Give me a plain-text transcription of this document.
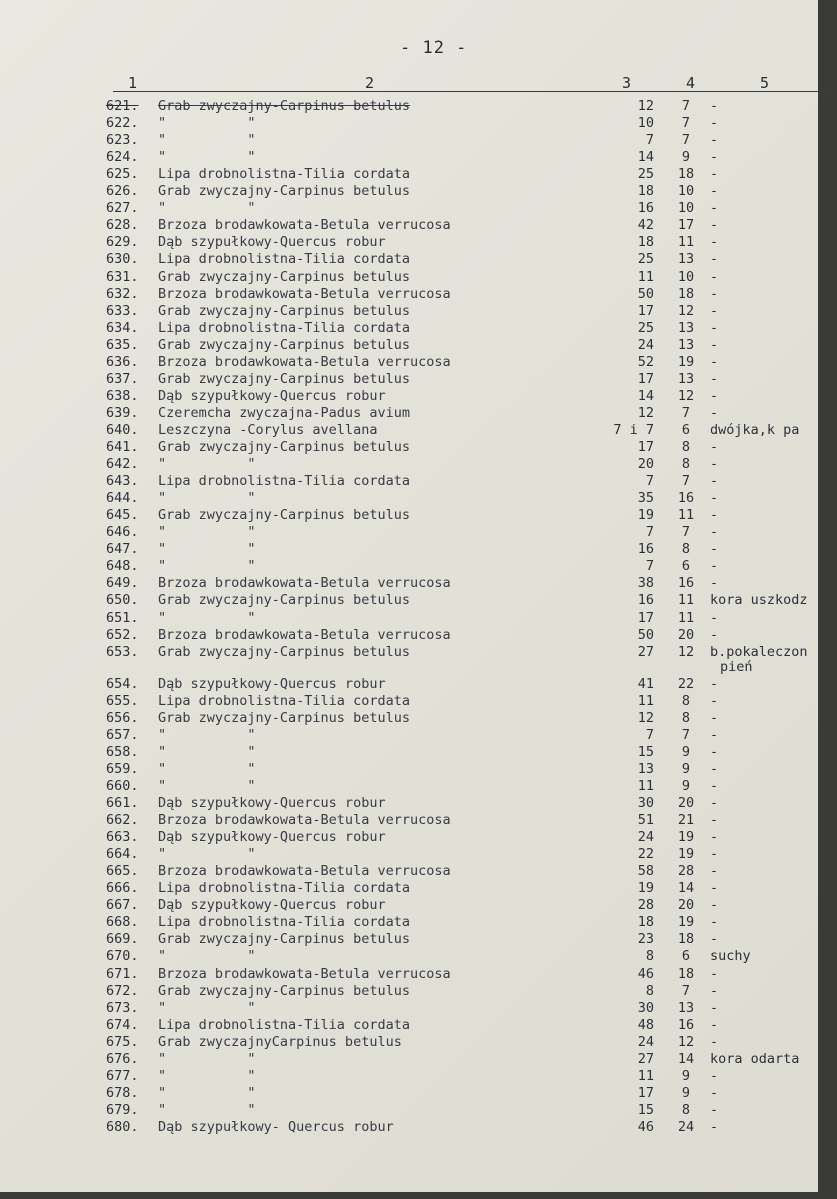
- 12 -
1	2	3	4	5
621.	Grab zwyczajny-Carpinus betulus	12	7	-
622.	"          "	10	7	-
623.	"          "	7	7	-
624.	"          "	14	9	-
625.	Lipa drobnolistna-Tilia cordata	25	18	-
626.	Grab zwyczajny-Carpinus betulus	18	10	-
627.	"          "	16	10	-
628.	Brzoza brodawkowata-Betula verrucosa	42	17	-
629.	Dąb szypułkowy-Quercus robur	18	11	-
630.	Lipa drobnolistna-Tilia cordata	25	13	-
631.	Grab zwyczajny-Carpinus betulus	11	10	-
632.	Brzoza brodawkowata-Betula verrucosa	50	18	-
633.	Grab zwyczajny-Carpinus betulus	17	12	-
634.	Lipa drobnolistna-Tilia cordata	25	13	-
635.	Grab zwyczajny-Carpinus betulus	24	13	-
636.	Brzoza brodawkowata-Betula verrucosa	52	19	-
637.	Grab zwyczajny-Carpinus betulus	17	13	-
638.	Dąb szypułkowy-Quercus robur	14	12	-
639.	Czeremcha zwyczajna-Padus avium	12	7	-
640.	Leszczyna -Corylus avellana	7 i 7	6	dwójka,k pa
641.	Grab zwyczajny-Carpinus betulus	17	8	-
642.	"          "	20	8	-
643.	Lipa drobnolistna-Tilia cordata	7	7	-
644.	"          "	35	16	-
645.	Grab zwyczajny-Carpinus betulus	19	11	-
646.	"          "	7	7	-
647.	"          "	16	8	-
648.	"          "	7	6	-
649.	Brzoza brodawkowata-Betula verrucosa	38	16	-
650.	Grab zwyczajny-Carpinus betulus	16	11	kora uszkodz
651.	"          "	17	11	-
652.	Brzoza brodawkowata-Betula verrucosa	50	20	-
653.	Grab zwyczajny-Carpinus betulus	27	12	b.pokaleczon
pień
654.	Dąb szypułkowy-Quercus robur	41	22	-
655.	Lipa drobnolistna-Tilia cordata	11	8	-
656.	Grab zwyczajny-Carpinus betulus	12	8	-
657.	"          "	7	7	-
658.	"          "	15	9	-
659.	"          "	13	9	-
660.	"          "	11	9	-
661.	Dąb szypułkowy-Quercus robur	30	20	-
662.	Brzoza brodawkowata-Betula verrucosa	51	21	-
663.	Dąb szypułkowy-Quercus robur	24	19	-
664.	"          "	22	19	-
665.	Brzoza brodawkowata-Betula verrucosa	58	28	-
666.	Lipa drobnolistna-Tilia cordata	19	14	-
667.	Dąb szypułkowy-Quercus robur	28	20	-
668.	Lipa drobnolistna-Tilia cordata	18	19	-
669.	Grab zwyczajny-Carpinus betulus	23	18	-
670.	"          "	8	6	suchy
671.	Brzoza brodawkowata-Betula verrucosa	46	18	-
672.	Grab zwyczajny-Carpinus betulus	8	7	-
673.	"          "	30	13	-
674.	Lipa drobnolistna-Tilia cordata	48	16	-
675.	Grab zwyczajnyCarpinus betulus	24	12	-
676.	"          "	27	14	kora odarta
677.	"          "	11	9	-
678.	"          "	17	9	-
679.	"          "	15	8	-
680.	Dąb szypułkowy- Quercus robur	46	24	-
